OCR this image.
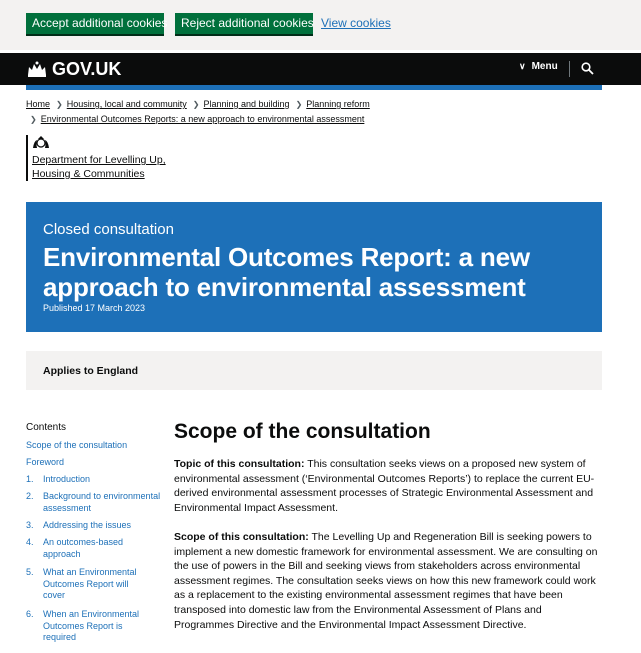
Accept additional cookies	Reject additional cookies View cookies
GOV.UK	∨ Menu
Home ❯ Housing, local and community ❯ Planning and building ❯ Planning reform
❯ Environmental Outcomes Reports: a new approach to environmental assessment
Department for Levelling Up,
Housing & Communities
Closed consultation
Environmental Outcomes Report: a new approach to environmental assessment
Published 17 March 2023
Applies to England
Contents
Scope of the consultation
Foreword
1.	Introduction
2.	Background to environmental assessment
3.	Addressing the issues
4.	An outcomes-based approach
5.	What an Environmental Outcomes Report will cover
6.	When an Environmental Outcomes Report is required
Scope of the consultation
Topic of this consultation: This consultation seeks views on a proposed new system of environmental assessment (‘Environmental Outcomes Reports’) to replace the current EU-derived environmental assessment processes of Strategic Environmental Assessment and Environmental Impact Assessment.
Scope of this consultation: The Levelling Up and Regeneration Bill is seeking powers to implement a new domestic framework for environmental assessment. We are consulting on the use of powers in the Bill and seeking views from stakeholders across environmental assessment regimes. The consultation seeks views on how this new framework could work as a replacement to the existing environmental assessment regimes that have been transposed into domestic law from the Environmental Assessment of Plans and Programmes Directive and the Environmental Impact Assessment Directive.
